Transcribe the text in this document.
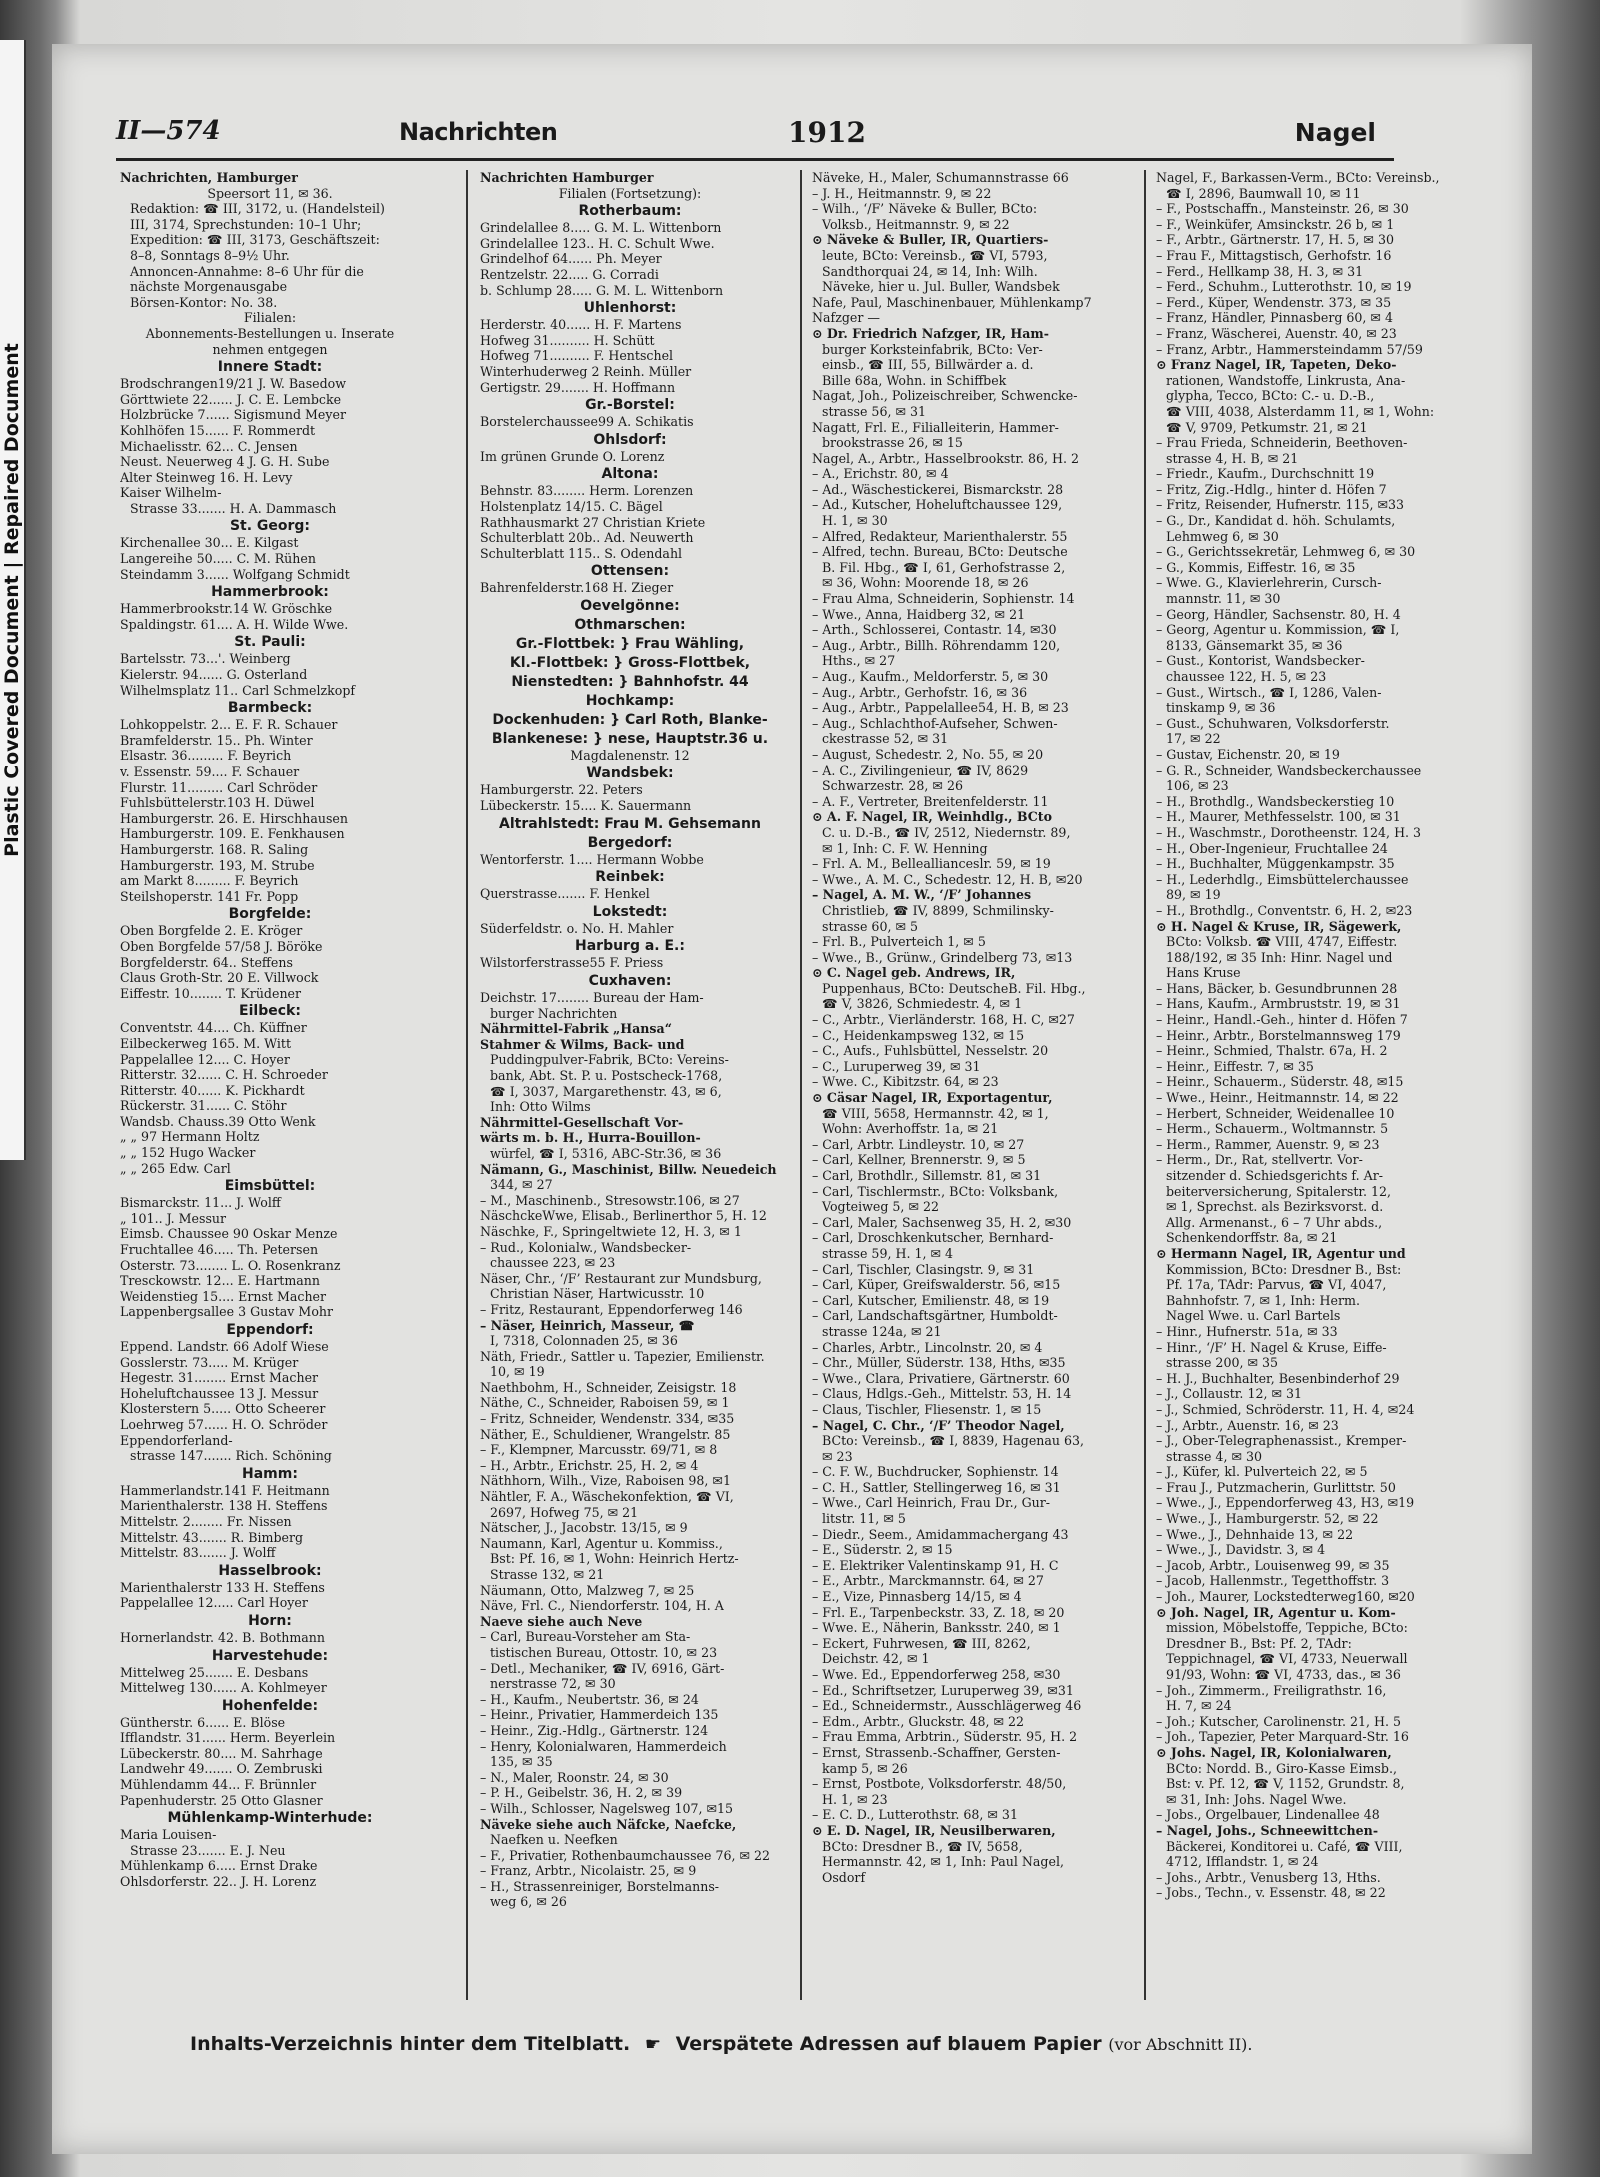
Plastic Covered Document | Repaired Document
II—574	Nachrichten	1912	Nagel
Nachrichten, Hamburger
Speersort 11, ✉ 36.
Redaktion: ☎ III, 3172, u. (Handelsteil)
III, 3174, Sprechstunden: 10–1 Uhr;
Expedition: ☎ III, 3173, Geschäftszeit:
8–8, Sonntags 8–9½ Uhr.
Annoncen-Annahme: 8–6 Uhr für die
nächste Morgenausgabe
Börsen-Kontor: No. 38.
Filialen:
Abonnements-Bestellungen u. Inserate
nehmen entgegen
Innere Stadt:
Brodschrangen19/21 J. W. Basedow
Görttwiete 22...... J. C. E. Lembcke
Holzbrücke 7...... Sigismund Meyer
Kohlhöfen 15...... F. Rommerdt
Michaelisstr. 62... C. Jensen
Neust. Neuerweg 4 J. G. H. Sube
Alter Steinweg 16. H. Levy
Kaiser Wilhelm-
Strasse 33....... H. A. Dammasch
St. Georg:
Kirchenallee 30... E. Kilgast
Langereihe 50..... C. M. Rühen
Steindamm 3...... Wolfgang Schmidt
Hammerbrook:
Hammerbrookstr.14 W. Gröschke
Spaldingstr. 61.... A. H. Wilde Wwe.
St. Pauli:
Bartelsstr. 73...'. Weinberg
Kielerstr. 94...... G. Osterland
Wilhelmsplatz 11.. Carl Schmelzkopf
Barmbeck:
Lohkoppelstr. 2... E. F. R. Schauer
Bramfelderstr. 15.. Ph. Winter
Elsastr. 36......... F. Beyrich
v. Essenstr. 59.... F. Schauer
Flurstr. 11......... Carl Schröder
Fuhlsbüttelerstr.103 H. Düwel
Hamburgerstr. 26. E. Hirschhausen
Hamburgerstr. 109. E. Fenkhausen
Hamburgerstr. 168. R. Saling
Hamburgerstr. 193, M. Strube
am Markt 8......... F. Beyrich
Steilshoperstr. 141 Fr. Popp
Borgfelde:
Oben Borgfelde 2. E. Kröger
Oben Borgfelde 57/58 J. Böröke
Borgfelderstr. 64.. Steffens
Claus Groth-Str. 20 E. Villwock
Eiffestr. 10........ T. Krüdener
Eilbeck:
Conventstr. 44.... Ch. Küffner
Eilbeckerweg 165. M. Witt
Pappelallee 12.... C. Hoyer
Ritterstr. 32...... C. H. Schroeder
Ritterstr. 40...... K. Pickhardt
Rückerstr. 31...... C. Stöhr
Wandsb. Chauss.39 Otto Wenk
„ „ 97 Hermann Holtz
„ „ 152 Hugo Wacker
„ „ 265 Edw. Carl
Eimsbüttel:
Bismarckstr. 11... J. Wolff
„ 101.. J. Messur
Eimsb. Chaussee 90 Oskar Menze
Fruchtallee 46..... Th. Petersen
Osterstr. 73........ L. O. Rosenkranz
Tresckowstr. 12... E. Hartmann
Weidenstieg 15.... Ernst Macher
Lappenbergsallee 3 Gustav Mohr
Eppendorf:
Eppend. Landstr. 66 Adolf Wiese
Gosslerstr. 73..... M. Krüger
Hegestr. 31........ Ernst Macher
Hoheluftchaussee 13 J. Messur
Klosterstern 5..... Otto Scheerer
Loehrweg 57...... H. O. Schröder
Eppendorferland-
strasse 147....... Rich. Schöning
Hamm:
Hammerlandstr.141 F. Heitmann
Marienthalerstr. 138 H. Steffens
Mittelstr. 2........ Fr. Nissen
Mittelstr. 43....... R. Bimberg
Mittelstr. 83....... J. Wolff
Hasselbrook:
Marienthalerstr 133 H. Steffens
Pappelallee 12..... Carl Hoyer
Horn:
Hornerlandstr. 42. B. Bothmann
Harvestehude:
Mittelweg 25....... E. Desbans
Mittelweg 130...... A. Kohlmeyer
Hohenfelde:
Güntherstr. 6...... E. Blöse
Ifflandstr. 31...... Herm. Beyerlein
Lübeckerstr. 80.... M. Sahrhage
Landwehr 49....... O. Zembruski
Mühlendamm 44... F. Brünnler
Papenhuderstr. 25 Otto Glasner
Mühlenkamp-Winterhude:
Maria Louisen-
Strasse 23....... E. J. Neu
Mühlenkamp 6..... Ernst Drake
Ohlsdorferstr. 22.. J. H. Lorenz
Nachrichten Hamburger
Filialen (Fortsetzung):
Rotherbaum:
Grindelallee 8..... G. M. L. Wittenborn
Grindelallee 123.. H. C. Schult Wwe.
Grindelhof 64...... Ph. Meyer
Rentzelstr. 22..... G. Corradi
b. Schlump 28..... G. M. L. Wittenborn
Uhlenhorst:
Herderstr. 40...... H. F. Martens
Hofweg 31.......... H. Schütt
Hofweg 71.......... F. Hentschel
Winterhuderweg 2 Reinh. Müller
Gertigstr. 29....... H. Hoffmann
Gr.-Borstel:
Borstelerchaussee99 A. Schikatis
Ohlsdorf:
Im grünen Grunde O. Lorenz
Altona:
Behnstr. 83........ Herm. Lorenzen
Holstenplatz 14/15. C. Bägel
Rathhausmarkt 27 Christian Kriete
Schulterblatt 20b.. Ad. Neuwerth
Schulterblatt 115.. S. Odendahl
Ottensen:
Bahrenfelderstr.168 H. Zieger
Oevelgönne:
Othmarschen:
Gr.-Flottbek: } Frau Wähling,
Kl.-Flottbek: } Gross-Flottbek,
Nienstedten: } Bahnhofstr. 44
Hochkamp:
Dockenhuden: } Carl Roth, Blanke-
Blankenese: } nese, Hauptstr.36 u.
Magdalenenstr. 12
Wandsbek:
Hamburgerstr. 22. Peters
Lübeckerstr. 15.... K. Sauermann
Altrahlstedt: Frau M. Gehsemann
Bergedorf:
Wentorferstr. 1.... Hermann Wobbe
Reinbek:
Querstrasse....... F. Henkel
Lokstedt:
Süderfeldstr. o. No. H. Mahler
Harburg a. E.:
Wilstorferstrasse55 F. Priess
Cuxhaven:
Deichstr. 17........ Bureau der Ham-
burger Nachrichten
Nährmittel-Fabrik „Hansa“
Stahmer & Wilms, Back- und
Puddingpulver-Fabrik, BCto: Vereins-
bank, Abt. St. P. u. Postscheck-1768,
☎ I, 3037, Margarethenstr. 43, ✉ 6,
Inh: Otto Wilms
Nährmittel-Gesellschaft Vor-
wärts m. b. H., Hurra-Bouillon-
würfel, ☎ I, 5316, ABC-Str.36, ✉ 36
Nämann, G., Maschinist, Billw. Neuedeich
344, ✉ 27
– M., Maschinenb., Stresowstr.106, ✉ 27
NäschckeWwe, Elisab., Berlinerthor 5, H. 12
Näschke, F., Springeltwiete 12, H. 3, ✉ 1
– Rud., Kolonialw., Wandsbecker-
chaussee 223, ✉ 23
Näser, Chr., ‘/F’ Restaurant zur Mundsburg,
Christian Näser, Hartwicusstr. 10
– Fritz, Restaurant, Eppendorferweg 146
– Näser, Heinrich, Masseur, ☎
I, 7318, Colonnaden 25, ✉ 36
Näth, Friedr., Sattler u. Tapezier, Emilienstr.
10, ✉ 19
Naethbohm, H., Schneider, Zeisigstr. 18
Näthe, C., Schneider, Raboisen 59, ✉ 1
– Fritz, Schneider, Wendenstr. 334, ✉35
Näther, E., Schuldiener, Wrangelstr. 85
– F., Klempner, Marcusstr. 69/71, ✉ 8
– H., Arbtr., Erichstr. 25, H. 2, ✉ 4
Näthhorn, Wilh., Vize, Raboisen 98, ✉1
Nähtler, F. A., Wäschekonfektion, ☎ VI,
2697, Hofweg 75, ✉ 21
Nätscher, J., Jacobstr. 13/15, ✉ 9
Naumann, Karl, Agentur u. Kommiss.,
Bst: Pf. 16, ✉ 1, Wohn: Heinrich Hertz-
Strasse 132, ✉ 21
Näumann, Otto, Malzweg 7, ✉ 25
Näve, Frl. C., Niendorferstr. 104, H. A
Naeve siehe auch Neve
– Carl, Bureau-Vorsteher am Sta-
tistischen Bureau, Ottostr. 10, ✉ 23
– Detl., Mechaniker, ☎ IV, 6916, Gärt-
nerstrasse 72, ✉ 30
– H., Kaufm., Neubertstr. 36, ✉ 24
– Heinr., Privatier, Hammerdeich 135
– Heinr., Zig.-Hdlg., Gärtnerstr. 124
– Henry, Kolonialwaren, Hammerdeich
135, ✉ 35
– N., Maler, Roonstr. 24, ✉ 30
– P. H., Geibelstr. 36, H. 2, ✉ 39
– Wilh., Schlosser, Nagelsweg 107, ✉15
Näveke siehe auch Näfcke, Naefcke,
Naefken u. Neefken
– F., Privatier, Rothenbaumchaussee 76, ✉ 22
– Franz, Arbtr., Nicolaistr. 25, ✉ 9
– H., Strassenreiniger, Borstelmanns-
weg 6, ✉ 26
Näveke, H., Maler, Schumannstrasse 66
– J. H., Heitmannstr. 9, ✉ 22
– Wilh., ‘/F’ Näveke & Buller, BCto:
Volksb., Heitmannstr. 9, ✉ 22
⊙ Näveke & Buller, IR, Quartiers-
leute, BCto: Vereinsb., ☎ VI, 5793,
Sandthorquai 24, ✉ 14, Inh: Wilh.
Näveke, hier u. Jul. Buller, Wandsbek
Nafe, Paul, Maschinenbauer, Mühlenkamp7
Nafzger —
⊙ Dr. Friedrich Nafzger, IR, Ham-
burger Korksteinfabrik, BCto: Ver-
einsb., ☎ III, 55, Billwärder a. d.
Bille 68a, Wohn. in Schiffbek
Nagat, Joh., Polizeischreiber, Schwencke-
strasse 56, ✉ 31
Nagatt, Frl. E., Filialleiterin, Hammer-
brookstrasse 26, ✉ 15
Nagel, A., Arbtr., Hasselbrookstr. 86, H. 2
– A., Erichstr. 80, ✉ 4
– Ad., Wäschestickerei, Bismarckstr. 28
– Ad., Kutscher, Hoheluftchaussee 129,
H. 1, ✉ 30
– Alfred, Redakteur, Marienthalerstr. 55
– Alfred, techn. Bureau, BCto: Deutsche
B. Fil. Hbg., ☎ I, 61, Gerhofstrasse 2,
✉ 36, Wohn: Moorende 18, ✉ 26
– Frau Alma, Schneiderin, Sophienstr. 14
– Wwe., Anna, Haidberg 32, ✉ 21
– Arth., Schlosserei, Contastr. 14, ✉30
– Aug., Arbtr., Billh. Röhrendamm 120,
Hths., ✉ 27
– Aug., Kaufm., Meldorferstr. 5, ✉ 30
– Aug., Arbtr., Gerhofstr. 16, ✉ 36
– Aug., Arbtr., Pappelallee54, H. B, ✉ 23
– Aug., Schlachthof-Aufseher, Schwen-
ckestrasse 52, ✉ 31
– August, Schedestr. 2, No. 55, ✉ 20
– A. C., Zivilingenieur, ☎ IV, 8629
Schwarzestr. 28, ✉ 26
– A. F., Vertreter, Breitenfelderstr. 11
⊙ A. F. Nagel, IR, Weinhdlg., BCto
C. u. D.-B., ☎ IV, 2512, Niedernstr. 89,
✉ 1, Inh: C. F. W. Henning
– Frl. A. M., Belleallianceslr. 59, ✉ 19
– Wwe., A. M. C., Schedestr. 12, H. B, ✉20
– Nagel, A. M. W., ‘/F’ Johannes
Christlieb, ☎ IV, 8899, Schmilinsky-
strasse 60, ✉ 5
– Frl. B., Pulverteich 1, ✉ 5
– Wwe., B., Grünw., Grindelberg 73, ✉13
⊙ C. Nagel geb. Andrews, IR,
Puppenhaus, BCto: DeutscheB. Fil. Hbg.,
☎ V, 3826, Schmiedestr. 4, ✉ 1
– C., Arbtr., Vierländerstr. 168, H. C, ✉27
– C., Heidenkampsweg 132, ✉ 15
– C., Aufs., Fuhlsbüttel, Nesselstr. 20
– C., Luruperweg 39, ✉ 31
– Wwe. C., Kibitzstr. 64, ✉ 23
⊙ Cäsar Nagel, IR, Exportagentur,
☎ VIII, 5658, Hermannstr. 42, ✉ 1,
Wohn: Averhoffstr. 1a, ✉ 21
– Carl, Arbtr. Lindleystr. 10, ✉ 27
– Carl, Kellner, Brennerstr. 9, ✉ 5
– Carl, Brothdlr., Sillemstr. 81, ✉ 31
– Carl, Tischlermstr., BCto: Volksbank,
Vogteiweg 5, ✉ 22
– Carl, Maler, Sachsenweg 35, H. 2, ✉30
– Carl, Droschkenkutscher, Bernhard-
strasse 59, H. 1, ✉ 4
– Carl, Tischler, Clasingstr. 9, ✉ 31
– Carl, Küper, Greifswalderstr. 56, ✉15
– Carl, Kutscher, Emilienstr. 48, ✉ 19
– Carl, Landschaftsgärtner, Humboldt-
strasse 124a, ✉ 21
– Charles, Arbtr., Lincolnstr. 20, ✉ 4
– Chr., Müller, Süderstr. 138, Hths, ✉35
– Wwe., Clara, Privatiere, Gärtnerstr. 60
– Claus, Hdlgs.-Geh., Mittelstr. 53, H. 14
– Claus, Tischler, Fliesenstr. 1, ✉ 15
– Nagel, C. Chr., ‘/F’ Theodor Nagel,
BCto: Vereinsb., ☎ I, 8839, Hagenau 63,
✉ 23
– C. F. W., Buchdrucker, Sophienstr. 14
– C. H., Sattler, Stellingerweg 16, ✉ 31
– Wwe., Carl Heinrich, Frau Dr., Gur-
litstr. 11, ✉ 5
– Diedr., Seem., Amidammachergang 43
– E., Süderstr. 2, ✉ 15
– E. Elektriker Valentinskamp 91, H. C
– E., Arbtr., Marckmannstr. 64, ✉ 27
– E., Vize, Pinnasberg 14/15, ✉ 4
– Frl. E., Tarpenbeckstr. 33, Z. 18, ✉ 20
– Wwe. E., Näherin, Banksstr. 240, ✉ 1
– Eckert, Fuhrwesen, ☎ III, 8262,
Deichstr. 42, ✉ 1
– Wwe. Ed., Eppendorferweg 258, ✉30
– Ed., Schriftsetzer, Luruperweg 39, ✉31
– Ed., Schneidermstr., Ausschlägerweg 46
– Edm., Arbtr., Gluckstr. 48, ✉ 22
– Frau Emma, Arbtrin., Süderstr. 95, H. 2
– Ernst, Strassenb.-Schaffner, Gersten-
kamp 5, ✉ 26
– Ernst, Postbote, Volksdorferstr. 48/50,
H. 1, ✉ 23
– E. C. D., Lutterothstr. 68, ✉ 31
⊙ E. D. Nagel, IR, Neusilberwaren,
BCto: Dresdner B., ☎ IV, 5658,
Hermannstr. 42, ✉ 1, Inh: Paul Nagel,
Osdorf
Nagel, F., Barkassen-Verm., BCto: Vereinsb.,
☎ I, 2896, Baumwall 10, ✉ 11
– F., Postschaffn., Mansteinstr. 26, ✉ 30
– F., Weinküfer, Amsinckstr. 26 b, ✉ 1
– F., Arbtr., Gärtnerstr. 17, H. 5, ✉ 30
– Frau F., Mittagstisch, Gerhofstr. 16
– Ferd., Hellkamp 38, H. 3, ✉ 31
– Ferd., Schuhm., Lutterothstr. 10, ✉ 19
– Ferd., Küper, Wendenstr. 373, ✉ 35
– Franz, Händler, Pinnasberg 60, ✉ 4
– Franz, Wäscherei, Auenstr. 40, ✉ 23
– Franz, Arbtr., Hammersteindamm 57/59
⊙ Franz Nagel, IR, Tapeten, Deko-
rationen, Wandstoffe, Linkrusta, Ana-
glypha, Tecco, BCto: C.- u. D.-B.,
☎ VIII, 4038, Alsterdamm 11, ✉ 1, Wohn:
☎ V, 9709, Petkumstr. 21, ✉ 21
– Frau Frieda, Schneiderin, Beethoven-
strasse 4, H. B, ✉ 21
– Friedr., Kaufm., Durchschnitt 19
– Fritz, Zig.-Hdlg., hinter d. Höfen 7
– Fritz, Reisender, Hufnerstr. 115, ✉33
– G., Dr., Kandidat d. höh. Schulamts,
Lehmweg 6, ✉ 30
– G., Gerichtssekretär, Lehmweg 6, ✉ 30
– G., Kommis, Eiffestr. 16, ✉ 35
– Wwe. G., Klavierlehrerin, Cursch-
mannstr. 11, ✉ 30
– Georg, Händler, Sachsenstr. 80, H. 4
– Georg, Agentur u. Kommission, ☎ I,
8133, Gänsemarkt 35, ✉ 36
– Gust., Kontorist, Wandsbecker-
chaussee 122, H. 5, ✉ 23
– Gust., Wirtsch., ☎ I, 1286, Valen-
tinskamp 9, ✉ 36
– Gust., Schuhwaren, Volksdorferstr.
17, ✉ 22
– Gustav, Eichenstr. 20, ✉ 19
– G. R., Schneider, Wandsbeckerchaussee
106, ✉ 23
– H., Brothdlg., Wandsbeckerstieg 10
– H., Maurer, Methfesselstr. 100, ✉ 31
– H., Waschmstr., Dorotheenstr. 124, H. 3
– H., Ober-Ingenieur, Fruchtallee 24
– H., Buchhalter, Müggenkampstr. 35
– H., Lederhdlg., Eimsbüttelerchaussee
89, ✉ 19
– H., Brothdlg., Conventstr. 6, H. 2, ✉23
⊙ H. Nagel & Kruse, IR, Sägewerk,
BCto: Volksb. ☎ VIII, 4747, Eiffestr.
188/192, ✉ 35 Inh: Hinr. Nagel und
Hans Kruse
– Hans, Bäcker, b. Gesundbrunnen 28
– Hans, Kaufm., Armbruststr. 19, ✉ 31
– Heinr., Handl.-Geh., hinter d. Höfen 7
– Heinr., Arbtr., Borstelmannsweg 179
– Heinr., Schmied, Thalstr. 67a, H. 2
– Heinr., Eiffestr. 7, ✉ 35
– Heinr., Schauerm., Süderstr. 48, ✉15
– Wwe., Heinr., Heitmannstr. 14, ✉ 22
– Herbert, Schneider, Weidenallee 10
– Herm., Schauerm., Woltmannstr. 5
– Herm., Rammer, Auenstr. 9, ✉ 23
– Herm., Dr., Rat, stellvertr. Vor-
sitzender d. Schiedsgerichts f. Ar-
beiterversicherung, Spitalerstr. 12,
✉ 1, Sprechst. als Bezirksvorst. d.
Allg. Armenanst., 6 – 7 Uhr abds.,
Schenkendorffstr. 8a, ✉ 21
⊙ Hermann Nagel, IR, Agentur und
Kommission, BCto: Dresdner B., Bst:
Pf. 17a, TAdr: Parvus, ☎ VI, 4047,
Bahnhofstr. 7, ✉ 1, Inh: Herm.
Nagel Wwe. u. Carl Bartels
– Hinr., Hufnerstr. 51a, ✉ 33
– Hinr., ‘/F’ H. Nagel & Kruse, Eiffe-
strasse 200, ✉ 35
– H. J., Buchhalter, Besenbinderhof 29
– J., Collaustr. 12, ✉ 31
– J., Schmied, Schröderstr. 11, H. 4, ✉24
– J., Arbtr., Auenstr. 16, ✉ 23
– J., Ober-Telegraphenassist., Kremper-
strasse 4, ✉ 30
– J., Küfer, kl. Pulverteich 22, ✉ 5
– Frau J., Putzmacherin, Gurlittstr. 50
– Wwe., J., Eppendorferweg 43, H3, ✉19
– Wwe., J., Hamburgerstr. 52, ✉ 22
– Wwe., J., Dehnhaide 13, ✉ 22
– Wwe., J., Davidstr. 3, ✉ 4
– Jacob, Arbtr., Louisenweg 99, ✉ 35
– Jacob, Hallenmstr., Tegetthoffstr. 3
– Joh., Maurer, Lockstedterweg160, ✉20
⊙ Joh. Nagel, IR, Agentur u. Kom-
mission, Möbelstoffe, Teppiche, BCto:
Dresdner B., Bst: Pf. 2, TAdr:
Teppichnagel, ☎ VI, 4733, Neuerwall
91/93, Wohn: ☎ VI, 4733, das., ✉ 36
– Joh., Zimmerm., Freiligrathstr. 16,
H. 7, ✉ 24
– Joh.; Kutscher, Carolinenstr. 21, H. 5
– Joh., Tapezier, Peter Marquard-Str. 16
⊙ Johs. Nagel, IR, Kolonialwaren,
BCto: Nordd. B., Giro-Kasse Eimsb.,
Bst: v. Pf. 12, ☎ V, 1152, Grundstr. 8,
✉ 31, Inh: Johs. Nagel Wwe.
– Jobs., Orgelbauer, Lindenallee 48
– Nagel, Johs., Schneewittchen-
Bäckerei, Konditorei u. Café, ☎ VIII,
4712, Ifflandstr. 1, ✉ 24
– Johs., Arbtr., Venusberg 13, Hths.
– Jobs., Techn., v. Essenstr. 48, ✉ 22
Inhalts-Verzeichnis hinter dem Titelblatt. ☛ Verspätete Adressen auf blauem Papier (vor Abschnitt II).
